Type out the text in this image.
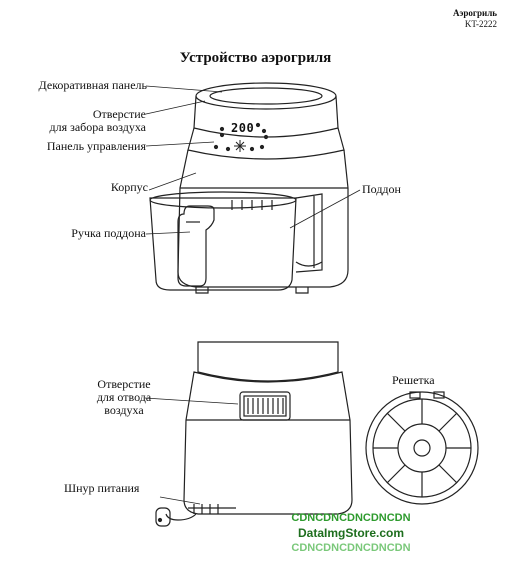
Аэрогриль
KT-2222
Устройство аэрогриля
Декоративная панель
Отверстие
для забора воздуха
Панель управления
Корпус	Поддон
Ручка поддона
Отверстие
для отвода
воздуха
Решетка
Шнур питания
200
CDNCDNCDNCDNCDN
DataImgStore.com
CDNCDNCDNCDNCDN
